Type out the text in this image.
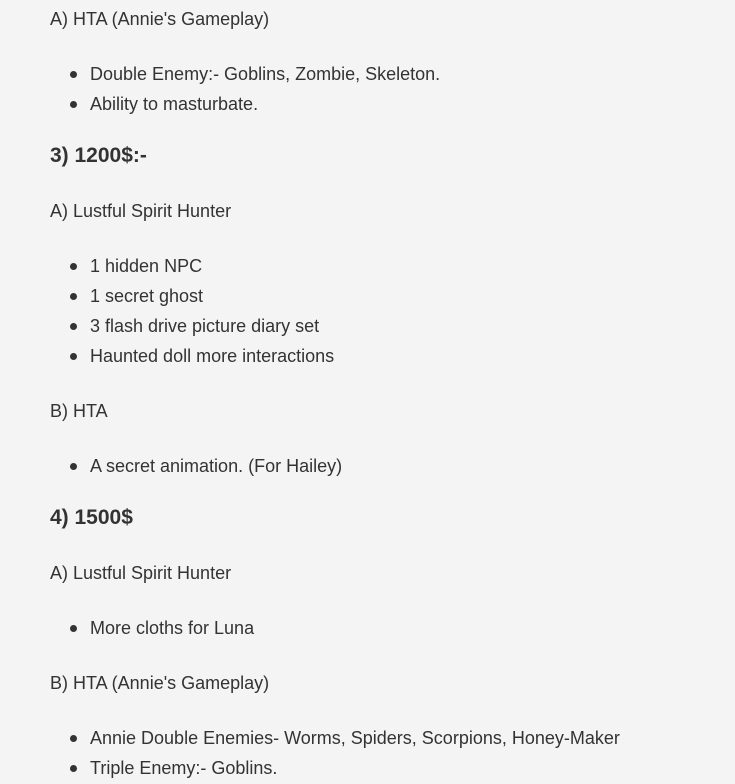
A) HTA (Annie's Gameplay)

Double Enemy:- Goblins, Zombie, Skeleton.
Ability to masturbate.
3) 1200$:-

A) Lustful Spirit Hunter

1 hidden NPC
1 secret ghost
3 flash drive picture diary set
Haunted doll more interactions

B) HTA

A secret animation. (For Hailey)
4) 1500$

A) Lustful Spirit Hunter

More cloths for Luna

B) HTA (Annie's Gameplay)

Annie Double Enemies- Worms, Spiders, Scorpions, Honey-Maker
Triple Enemy:- Goblins.
